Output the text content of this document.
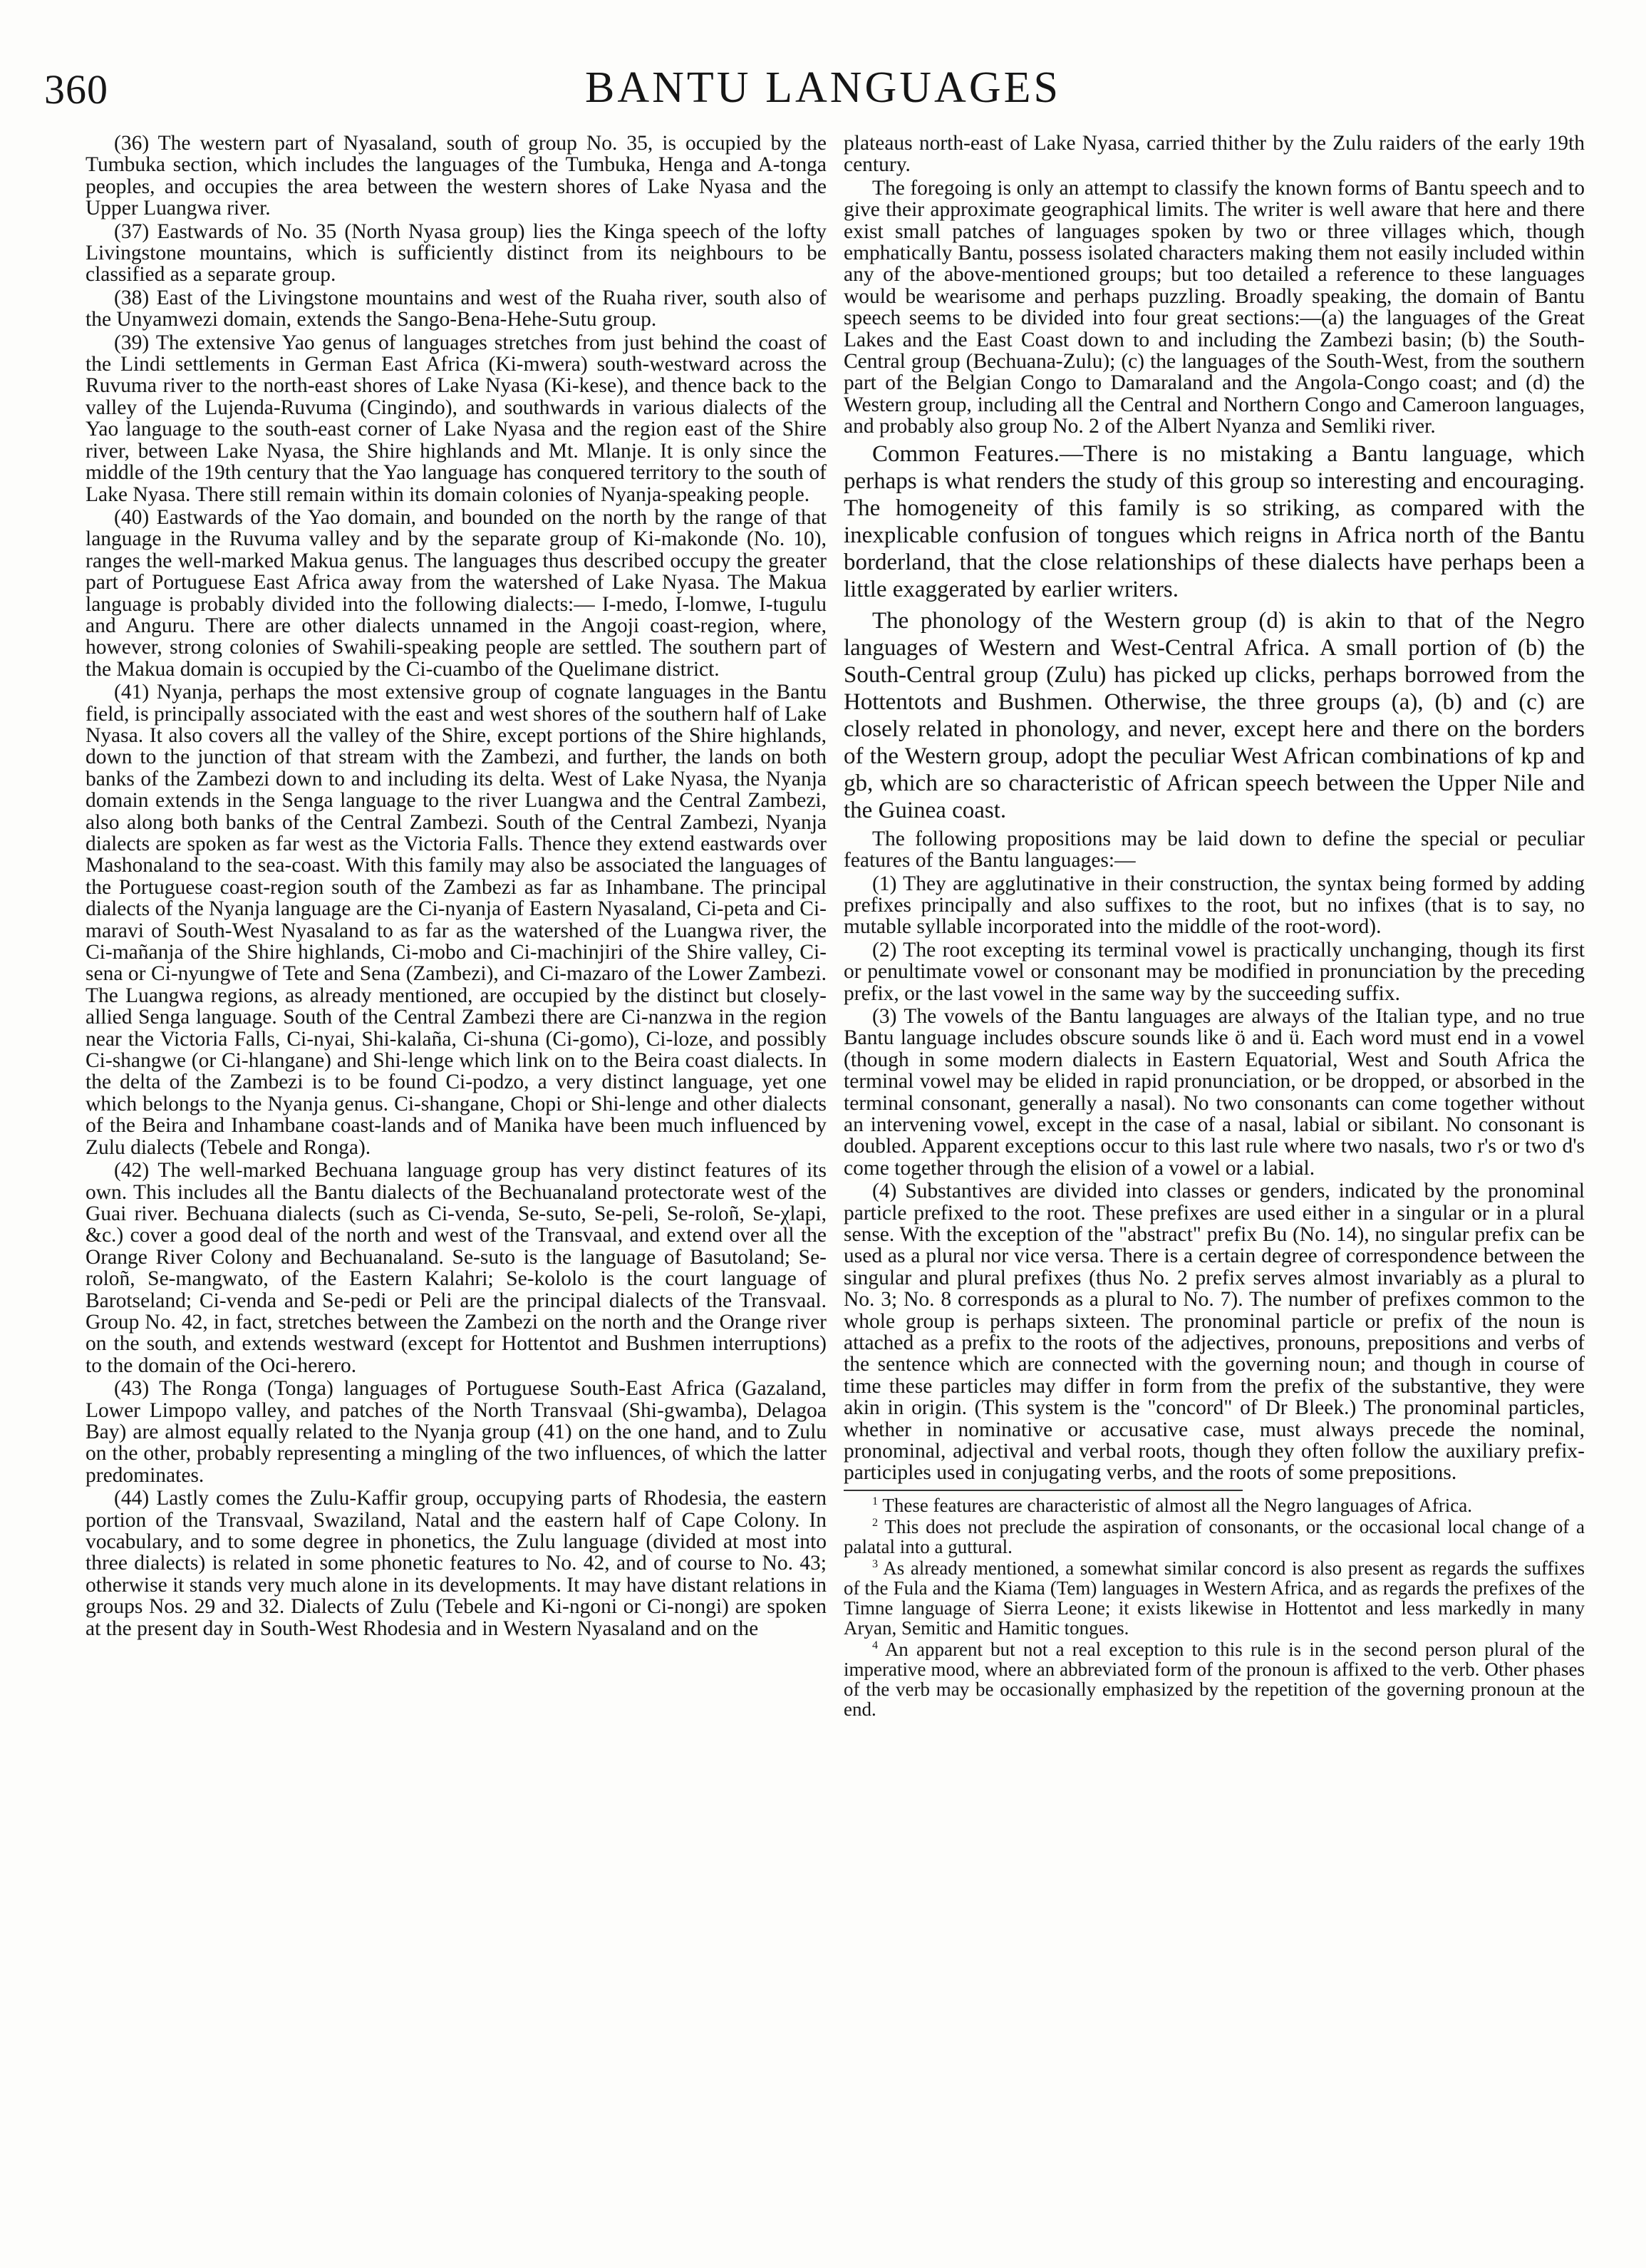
360	BANTU LANGUAGES

(36) The western part of Nyasaland, south of group No. 35, is occupied by the Tumbuka section, which includes the languages of the Tumbuka, Henga and A-tonga peoples, and occupies the area between the western shores of Lake Nyasa and the Upper Luangwa river.

(37) Eastwards of No. 35 (North Nyasa group) lies the Kinga speech of the lofty Livingstone mountains, which is sufficiently distinct from its neighbours to be classified as a separate group.

(38) East of the Livingstone mountains and west of the Ruaha river, south also of the Unyamwezi domain, extends the Sango-Bena-Hehe-Sutu group.

(39) The extensive Yao genus of languages stretches from just behind the coast of the Lindi settlements in German East Africa (Ki-mwera) south-westward across the Ruvuma river to the north-east shores of Lake Nyasa (Ki-kese), and thence back to the valley of the Lujenda-Ruvuma (Cingindo), and southwards in various dialects of the Yao language to the south-east corner of Lake Nyasa and the region east of the Shire river, between Lake Nyasa, the Shire highlands and Mt. Mlanje. It is only since the middle of the 19th century that the Yao language has conquered territory to the south of Lake Nyasa. There still remain within its domain colonies of Nyanja-speaking people.

(40) Eastwards of the Yao domain, and bounded on the north by the range of that language in the Ruvuma valley and by the separate group of Ki-makonde (No. 10), ranges the well-marked Makua genus. The languages thus described occupy the greater part of Portuguese East Africa away from the watershed of Lake Nyasa. The Makua language is probably divided into the following dialects:— I-medo, I-lomwe, I-tugulu and Anguru. There are other dialects unnamed in the Angoji coast-region, where, however, strong colonies of Swahili-speaking people are settled. The southern part of the Makua domain is occupied by the Ci-cuambo of the Quelimane district.

(41) Nyanja, perhaps the most extensive group of cognate languages in the Bantu field, is principally associated with the east and west shores of the southern half of Lake Nyasa. It also covers all the valley of the Shire, except portions of the Shire highlands, down to the junction of that stream with the Zambezi, and further, the lands on both banks of the Zambezi down to and including its delta. West of Lake Nyasa, the Nyanja domain extends in the Senga language to the river Luangwa and the Central Zambezi, also along both banks of the Central Zambezi. South of the Central Zambezi, Nyanja dialects are spoken as far west as the Victoria Falls. Thence they extend eastwards over Mashonaland to the sea-coast. With this family may also be associated the languages of the Portuguese coast-region south of the Zambezi as far as Inhambane. The principal dialects of the Nyanja language are the Ci-nyanja of Eastern Nyasaland, Ci-peta and Ci-maravi of South-West Nyasaland to as far as the watershed of the Luangwa river, the Ci-mañanja of the Shire highlands, Ci-mobo and Ci-machinjiri of the Shire valley, Ci-sena or Ci-nyungwe of Tete and Sena (Zambezi), and Ci-mazaro of the Lower Zambezi. The Luangwa regions, as already mentioned, are occupied by the distinct but closely-allied Senga language. South of the Central Zambezi there are Ci-nanzwa in the region near the Victoria Falls, Ci-nyai, Shi-kalaña, Ci-shuna (Ci-gomo), Ci-loze, and possibly Ci-shangwe (or Ci-hlangane) and Shi-lenge which link on to the Beira coast dialects. In the delta of the Zambezi is to be found Ci-podzo, a very distinct language, yet one which belongs to the Nyanja genus. Ci-shangane, Chopi or Shi-lenge and other dialects of the Beira and Inhambane coast-lands and of Manika have been much influenced by Zulu dialects (Tebele and Ronga).

(42) The well-marked Bechuana language group has very distinct features of its own. This includes all the Bantu dialects of the Bechuanaland protectorate west of the Guai river. Bechuana dialects (such as Ci-venda, Se-suto, Se-peli, Se-roloñ, Se-χlapi, &c.) cover a good deal of the north and west of the Transvaal, and extend over all the Orange River Colony and Bechuanaland. Se-suto is the language of Basutoland; Se-roloñ, Se-mangwato, of the Eastern Kalahri; Se-kololo is the court language of Barotseland; Ci-venda and Se-pedi or Peli are the principal dialects of the Transvaal. Group No. 42, in fact, stretches between the Zambezi on the north and the Orange river on the south, and extends westward (except for Hottentot and Bushmen interruptions) to the domain of the Oci-herero.

(43) The Ronga (Tonga) languages of Portuguese South-East Africa (Gazaland, Lower Limpopo valley, and patches of the North Transvaal (Shi-gwamba), Delagoa Bay) are almost equally related to the Nyanja group (41) on the one hand, and to Zulu on the other, probably representing a mingling of the two influences, of which the latter predominates.

(44) Lastly comes the Zulu-Kaffir group, occupying parts of Rhodesia, the eastern portion of the Transvaal, Swaziland, Natal and the eastern half of Cape Colony. In vocabulary, and to some degree in phonetics, the Zulu language (divided at most into three dialects) is related in some phonetic features to No. 42, and of course to No. 43; otherwise it stands very much alone in its developments. It may have distant relations in groups Nos. 29 and 32. Dialects of Zulu (Tebele and Ki-ngoni or Ci-nongi) are spoken at the present day in South-West Rhodesia and in Western Nyasaland and on the

plateaus north-east of Lake Nyasa, carried thither by the Zulu raiders of the early 19th century.

The foregoing is only an attempt to classify the known forms of Bantu speech and to give their approximate geographical limits. The writer is well aware that here and there exist small patches of languages spoken by two or three villages which, though emphatically Bantu, possess isolated characters making them not easily included within any of the above-mentioned groups; but too detailed a reference to these languages would be wearisome and perhaps puzzling. Broadly speaking, the domain of Bantu speech seems to be divided into four great sections:—(a) the languages of the Great Lakes and the East Coast down to and including the Zambezi basin; (b) the South-Central group (Bechuana-Zulu); (c) the languages of the South-West, from the southern part of the Belgian Congo to Damaraland and the Angola-Congo coast; and (d) the Western group, including all the Central and Northern Congo and Cameroon languages, and probably also group No. 2 of the Albert Nyanza and Semliki river.

Common Features.—There is no mistaking a Bantu language, which perhaps is what renders the study of this group so interesting and encouraging. The homogeneity of this family is so striking, as compared with the inexplicable confusion of tongues which reigns in Africa north of the Bantu borderland, that the close relationships of these dialects have perhaps been a little exaggerated by earlier writers.

The phonology of the Western group (d) is akin to that of the Negro languages of Western and West-Central Africa. A small portion of (b) the South-Central group (Zulu) has picked up clicks, perhaps borrowed from the Hottentots and Bushmen. Otherwise, the three groups (a), (b) and (c) are closely related in phonology, and never, except here and there on the borders of the Western group, adopt the peculiar West African combinations of kp and gb, which are so characteristic of African speech between the Upper Nile and the Guinea coast.

The following propositions may be laid down to define the special or peculiar features of the Bantu languages:—

(1) They are agglutinative in their construction, the syntax being formed by adding prefixes principally and also suffixes to the root, but no infixes (that is to say, no mutable syllable incorporated into the middle of the root-word).

(2) The root excepting its terminal vowel is practically unchanging, though its first or penultimate vowel or consonant may be modified in pronunciation by the preceding prefix, or the last vowel in the same way by the succeeding suffix.

(3) The vowels of the Bantu languages are always of the Italian type, and no true Bantu language includes obscure sounds like ö and ü. Each word must end in a vowel (though in some modern dialects in Eastern Equatorial, West and South Africa the terminal vowel may be elided in rapid pronunciation, or be dropped, or absorbed in the terminal consonant, generally a nasal). No two consonants can come together without an intervening vowel, except in the case of a nasal, labial or sibilant. No consonant is doubled. Apparent exceptions occur to this last rule where two nasals, two r's or two d's come together through the elision of a vowel or a labial.

(4) Substantives are divided into classes or genders, indicated by the pronominal particle prefixed to the root. These prefixes are used either in a singular or in a plural sense. With the exception of the "abstract" prefix Bu (No. 14), no singular prefix can be used as a plural nor vice versa. There is a certain degree of correspondence between the singular and plural prefixes (thus No. 2 prefix serves almost invariably as a plural to No. 3; No. 8 corresponds as a plural to No. 7). The number of prefixes common to the whole group is perhaps sixteen. The pronominal particle or prefix of the noun is attached as a prefix to the roots of the adjectives, pronouns, prepositions and verbs of the sentence which are connected with the governing noun; and though in course of time these particles may differ in form from the prefix of the substantive, they were akin in origin. (This system is the "concord" of Dr Bleek.) The pronominal particles, whether in nominative or accusative case, must always precede the nominal, pronominal, adjectival and verbal roots, though they often follow the auxiliary prefix-participles used in conjugating verbs, and the roots of some prepositions.

$^1$ These features are characteristic of almost all the Negro languages of Africa.

$^2$ This does not preclude the aspiration of consonants, or the occasional local change of a palatal into a guttural.

$^3$ As already mentioned, a somewhat similar concord is also present as regards the suffixes of the Fula and the Kiama (Tem) languages in Western Africa, and as regards the prefixes of the Timne language of Sierra Leone; it exists likewise in Hottentot and less markedly in many Aryan, Semitic and Hamitic tongues.

$^4$ An apparent but not a real exception to this rule is in the second person plural of the imperative mood, where an abbreviated form of the pronoun is affixed to the verb. Other phases of the verb may be occasionally emphasized by the repetition of the governing pronoun at the end.
